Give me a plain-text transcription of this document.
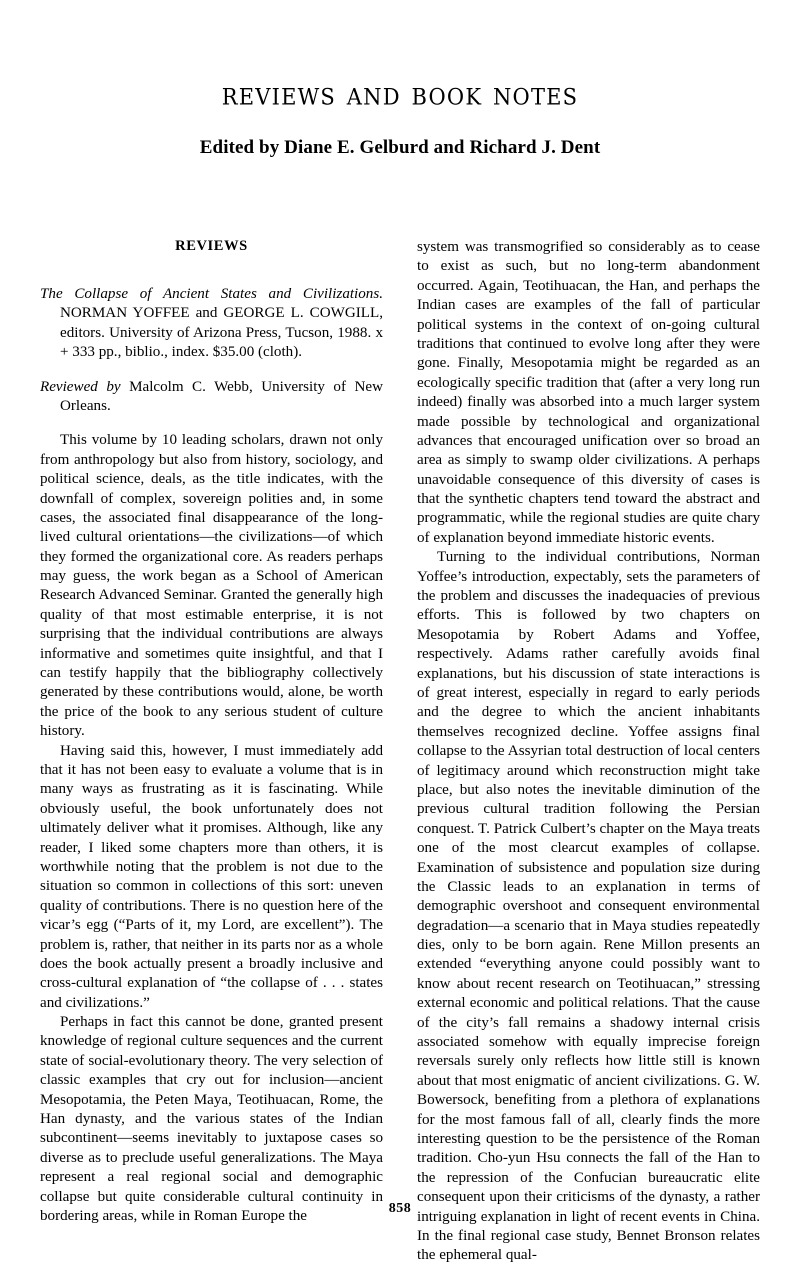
reviews and book notes
Edited by Diane E. Gelburd and Richard J. Dent
REVIEWS

The Collapse of Ancient States and Civilizations. NORMAN YOFFEE and GEORGE L. COWGILL, editors. University of Arizona Press, Tucson, 1988. x + 333 pp., biblio., index. $35.00 (cloth).

Reviewed by Malcolm C. Webb, University of New Orleans.

This volume by 10 leading scholars, drawn not only from anthropology but also from history, sociology, and political science, deals, as the title indicates, with the downfall of complex, sovereign polities and, in some cases, the associated final disappearance of the long-lived cultural orientations—the civilizations—of which they formed the organizational core. As readers perhaps may guess, the work began as a School of American Research Advanced Seminar. Granted the generally high quality of that most estimable enterprise, it is not surprising that the individual contributions are always informative and sometimes quite insightful, and that I can testify happily that the bibliography collectively generated by these contributions would, alone, be worth the price of the book to any serious student of culture history.

Having said this, however, I must immediately add that it has not been easy to evaluate a volume that is in many ways as frustrating as it is fascinating. While obviously useful, the book unfortunately does not ultimately deliver what it promises. Although, like any reader, I liked some chapters more than others, it is worthwhile noting that the problem is not due to the situation so common in collections of this sort: uneven quality of contributions. There is no question here of the vicar’s egg (“Parts of it, my Lord, are excellent”). The problem is, rather, that neither in its parts nor as a whole does the book actually present a broadly inclusive and cross-cultural explanation of “the collapse of . . . states and civilizations.”

Perhaps in fact this cannot be done, granted present knowledge of regional culture sequences and the current state of social-evolutionary theory. The very selection of classic examples that cry out for inclusion—ancient Mesopotamia, the Peten Maya, Teotihuacan, Rome, the Han dynasty, and the various states of the Indian subcontinent—seems inevitably to juxtapose cases so diverse as to preclude useful generalizations. The Maya represent a real regional social and demographic collapse but quite considerable cultural continuity in bordering areas, while in Roman Europe the

system was transmogrified so considerably as to cease to exist as such, but no long-term abandonment occurred. Again, Teotihuacan, the Han, and perhaps the Indian cases are examples of the fall of particular political systems in the context of on-going cultural traditions that continued to evolve long after they were gone. Finally, Mesopotamia might be regarded as an ecologically specific tradition that (after a very long run indeed) finally was absorbed into a much larger system made possible by technological and organizational advances that encouraged unification over so broad an area as simply to swamp older civilizations. A perhaps unavoidable consequence of this diversity of cases is that the synthetic chapters tend toward the abstract and programmatic, while the regional studies are quite chary of explanation beyond immediate historic events.

Turning to the individual contributions, Norman Yoffee’s introduction, expectably, sets the parameters of the problem and discusses the inadequacies of previous efforts. This is followed by two chapters on Mesopotamia by Robert Adams and Yoffee, respectively. Adams rather carefully avoids final explanations, but his discussion of state interactions is of great interest, especially in regard to early periods and the degree to which the ancient inhabitants themselves recognized decline. Yoffee assigns final collapse to the Assyrian total destruction of local centers of legitimacy around which reconstruction might take place, but also notes the inevitable diminution of the previous cultural tradition following the Persian conquest. T. Patrick Culbert’s chapter on the Maya treats one of the most clearcut examples of collapse. Examination of subsistence and population size during the Classic leads to an explanation in terms of demographic overshoot and consequent environmental degradation—a scenario that in Maya studies repeatedly dies, only to be born again. Rene Millon presents an extended “everything anyone could possibly want to know about recent research on Teotihuacan,” stressing external economic and political relations. That the cause of the city’s fall remains a shadowy internal crisis associated somehow with equally imprecise foreign reversals surely only reflects how little still is known about that most enigmatic of ancient civilizations. G. W. Bowersock, benefiting from a plethora of explanations for the most famous fall of all, clearly finds the more interesting question to be the persistence of the Roman tradition. Cho-yun Hsu connects the fall of the Han to the repression of the Confucian bureaucratic elite consequent upon their criticisms of the dynasty, a rather intriguing explanation in light of recent events in China. In the final regional case study, Bennet Bronson relates the ephemeral qual-

858
